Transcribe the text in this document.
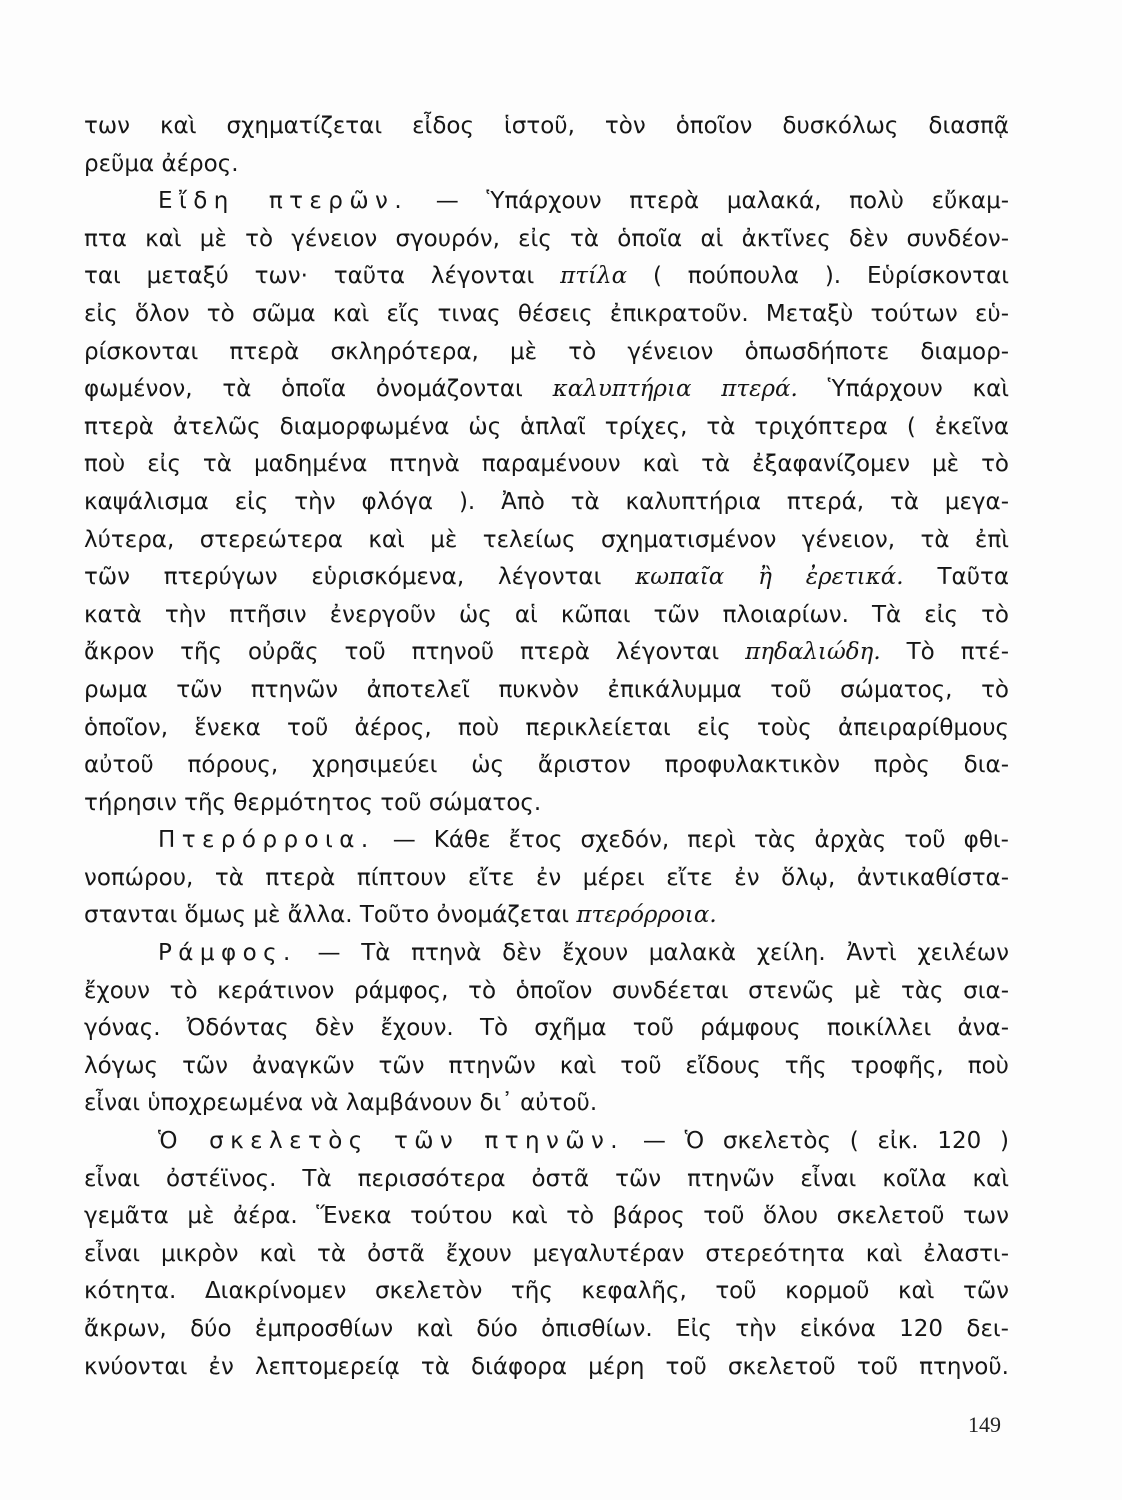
των καὶ σχηματίζεται εἶδος ἱστοῦ, τὸν ὁποῖον δυσκόλως διασπᾷ
ρεῦμα ἀέρος.
Εἴδη πτερῶν. — Ὑπάρχουν πτερὰ μαλακά, πολὺ εὔκαμ-
πτα καὶ μὲ τὸ γένειον σγουρόν, εἰς τὰ ὁποῖα αἱ ἀκτῖνες δὲν συνδέον-
ται μεταξύ των· ταῦτα λέγονται πτίλα ( πούπουλα ). Εὑρίσκονται
εἰς ὅλον τὸ σῶμα καὶ εἴς τινας θέσεις ἐπικρατοῦν. Μεταξὺ τούτων εὑ-
ρίσκονται πτερὰ σκληρότερα, μὲ τὸ γένειον ὁπωσδήποτε διαμορ-
φωμένον, τὰ ὁποῖα ὀνομάζονται καλυπτήρια πτερά. Ὑπάρχουν καὶ
πτερὰ ἀτελῶς διαμορφωμένα ὡς ἁπλαῖ τρίχες, τὰ τριχόπτερα ( ἐκεῖνα
ποὺ εἰς τὰ μαδημένα πτηνὰ παραμένουν καὶ τὰ ἐξαφανίζομεν μὲ τὸ
καψάλισμα εἰς τὴν φλόγα ). Ἀπὸ τὰ καλυπτήρια πτερά, τὰ μεγα-
λύτερα, στερεώτερα καὶ μὲ τελείως σχηματισμένον γένειον, τὰ ἐπὶ
τῶν πτερύγων εὑρισκόμενα, λέγονται κωπαῖα ἢ ἐρετικά. Ταῦτα
κατὰ τὴν πτῆσιν ἐνεργοῦν ὡς αἱ κῶπαι τῶν πλοιαρίων. Τὰ εἰς τὸ
ἄκρον τῆς οὐρᾶς τοῦ πτηνοῦ πτερὰ λέγονται πηδαλιώδη. Τὸ πτέ-
ρωμα τῶν πτηνῶν ἀποτελεῖ πυκνὸν ἐπικάλυμμα τοῦ σώματος, τὸ
ὁποῖον, ἕνεκα τοῦ ἀέρος, ποὺ περικλείεται εἰς τοὺς ἀπειραρίθμους
αὐτοῦ πόρους, χρησιμεύει ὡς ἄριστον προφυλακτικὸν πρὸς δια-
τήρησιν τῆς θερμότητος τοῦ σώματος.
Πτερόρροια. — Κάθε ἔτος σχεδόν, περὶ τὰς ἀρχὰς τοῦ φθι-
νοπώρου, τὰ πτερὰ πίπτουν εἴτε ἐν μέρει εἴτε ἐν ὅλῳ, ἀντικαθίστα-
στανται ὅμως μὲ ἄλλα. Τοῦτο ὀνομάζεται πτερόρροια.
Ράμφος. — Τὰ πτηνὰ δὲν ἔχουν μαλακὰ χείλη. Ἀντὶ χειλέων
ἔχουν τὸ κεράτινον ράμφος, τὸ ὁποῖον συνδέεται στενῶς μὲ τὰς σια-
γόνας. Ὀδόντας δὲν ἔχουν. Τὸ σχῆμα τοῦ ράμφους ποικίλλει ἀνα-
λόγως τῶν ἀναγκῶν τῶν πτηνῶν καὶ τοῦ εἴδους τῆς τροφῆς, ποὺ
εἶναι ὑποχρεωμένα νὰ λαμβάνουν δι᾽ αὐτοῦ.
Ὁ σκελετὸς τῶν πτηνῶν. — Ὁ σκελετὸς ( εἰκ. 120 )
εἶναι ὀστέϊνος. Τὰ περισσότερα ὀστᾶ τῶν πτηνῶν εἶναι κοῖλα καὶ
γεμᾶτα μὲ ἀέρα. Ἕνεκα τούτου καὶ τὸ βάρος τοῦ ὅλου σκελετοῦ των
εἶναι μικρὸν καὶ τὰ ὀστᾶ ἔχουν μεγαλυτέραν στερεότητα καὶ ἐλαστι-
κότητα. Διακρίνομεν σκελετὸν τῆς κεφαλῆς, τοῦ κορμοῦ καὶ τῶν
ἄκρων, δύο ἐμπροσθίων καὶ δύο ὀπισθίων. Εἰς τὴν εἰκόνα 120 δει-
κνύονται ἐν λεπτομερείᾳ τὰ διάφορα μέρη τοῦ σκελετοῦ τοῦ πτηνοῦ.
149
